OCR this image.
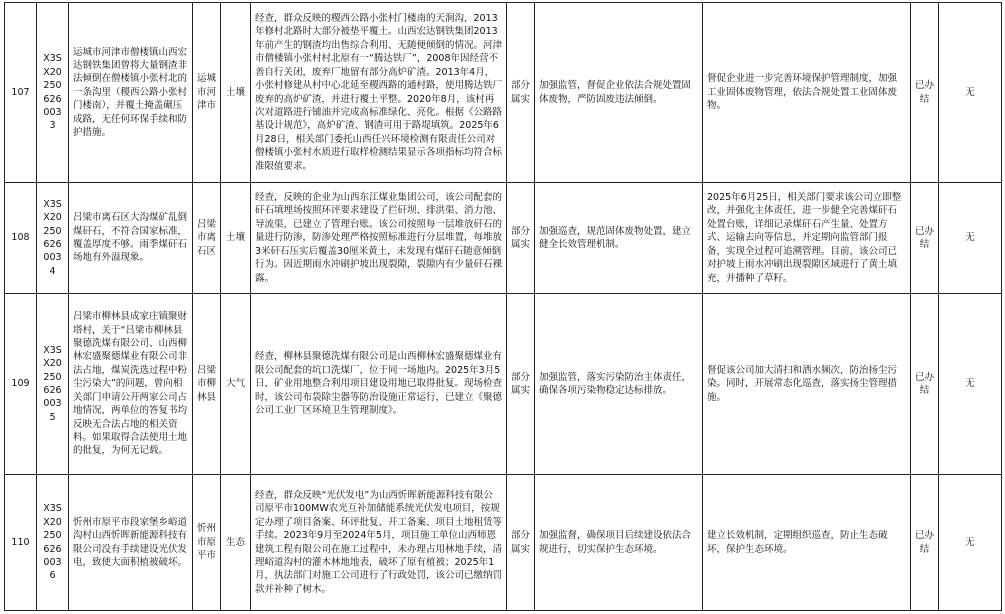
107	X3SX202506260033	运城市河津市僧楼镇山西宏达钢铁集团曾将大量钢渣非法倾倒在僧楼镇小张村北的一条沟里（稷西公路小张村门楼南），并覆土掩盖碾压成路，无任何环保手续和防护措施。	运城市河津市	土壤	经查，群众反映的稷西公路小张村门楼南的天涧沟，2013年修村北路时大部分被垫平覆土。山西宏达钢铁集团2013年前产生的钢渣均出售综合利用、无随便倾倒的情况。河津市僧楼镇小张村村北原有一“腾达铁厂”，2008年因经营不善自行关闭，废弃厂地留有部分高炉矿渣。2013年4月，小张村修建从村中心北延至稷西路的通村路，使用腾达铁厂废弃的高炉矿渣，并进行覆土平整。2020年8月，该村再次对道路进行铺油并完成高标准绿化、亮化。根据《公路路基设计规范》，高炉矿渣、钢渣可用于路堤填筑。2025年6月28日，相关部门委托山西任兴环境检测有限责任公司对僧楼镇小张村水质进行取样检测结果显示各项指标均符合标准限值要求。	部分属实	加强监管，督促企业依法合规处置固体废物，严防固废违法倾倒。	督促企业进一步完善环境保护管理制度，加强工业固体废物管理，依法合规处置工业固体废物。	已办结	无
108	X3SX202506260034	吕梁市离石区大沟煤矿乱倒煤矸石，不符合国家标准，覆盖厚度不够。雨季煤矸石场地有外溢现象。	吕梁市离石区	土壤	经查，反映的企业为山西东江煤业集团公司，该公司配套的矸石填埋场按照环评要求建设了拦矸坝、排洪渠、消力池、导流渠，已建立了管理台账。该公司按照每一层堆放矸石的量进行防渗，防渗处理严格按照标准进行分层堆置，每堆放3米矸石压实后覆盖30厘米黄土，未发现有煤矸石随意倾倒行为。因近期雨水冲刷护坡出现裂隙，裂隙内有少量矸石裸露。	部分属实	加强巡查，规范固体废物处置，建立健全长效管理机制。	2025年6月25日，相关部门要求该公司立即整改，并强化主体责任，进一步健全完善煤矸石处置台账，详细记录煤矸石产生量、处置方式、运输去向等信息，并定期向监管部门报备，实现全过程可追溯管理。目前，该公司已对护坡上雨水冲刷出现裂隙区域进行了黄土填充，并播种了草籽。	已办结	无
109	X3SX202506260035	吕梁市柳林县成家庄镇聚财塔村，关于“吕梁市柳林县聚德洗煤有限公司、山西柳林宏盛聚德煤业有限公司非法占地，煤炭洗选过程中粉尘污染大”的问题，曾向相关部门申请公开两家公司占地情况，两单位的答复书均反映无合法占地的相关资料。如果取得合法使用土地的批复，为何无记载。	吕梁市柳林县	大气	经查，柳林县聚德洗煤有限公司是山西柳林宏盛聚德煤业有限公司配套的坑口洗煤厂，位于同一场地内。2025年3月5日，矿业用地整合利用项目建设用地已取得批复。现场检查时，该公司布袋除尘器等防治设施正常运行，已建立《聚德公司工业厂区环境卫生管理制度》。	部分属实	加强监管，落实污染防治主体责任，确保各项污染物稳定达标排放。	督促该公司加大清扫和洒水频次，防治扬尘污染。同时，开展常态化巡查，落实扬尘管理措施。	已办结	无
110	X3SX202506260036	忻州市原平市段家堡乡峪道沟村山西忻晖新能源科技有限公司没有手续建设光伏发电，致使大面积植被破坏。	忻州市原平市	生态	经查，群众反映“光伏发电”为山西忻晖新能源科技有限公司原平市100MW农光互补加储能系统光伏发电项目，按规定办理了项目备案、环评批复、开工备案、项目土地租赁等手续。2023年9月至2024年5月，项目施工单位山西师恩建筑工程有限公司在施工过程中，未办理占用林地手续，清理峪道沟村的灌木林地地表，破坏了原有植被；2025年1月，执法部门对施工公司进行了行政处罚，该公司已缴纳罚款并补种了树木。	部分属实	加强监督，确保项目后续建设依法合规进行，切实保护生态环境。	建立长效机制，定期组织巡查，防止生态破坏，保护生态环境。	已办结	无
